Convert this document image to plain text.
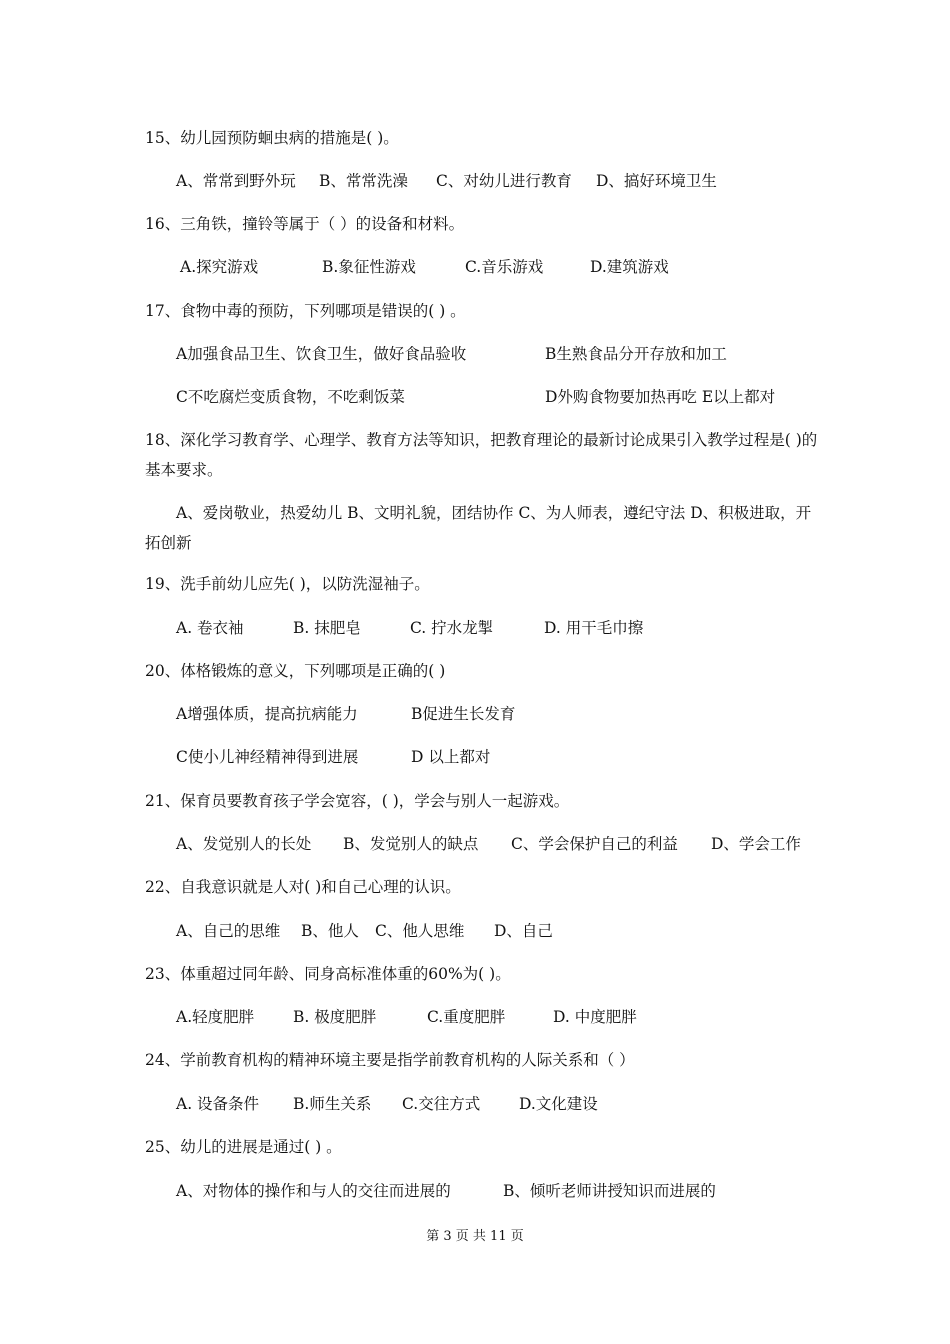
15、幼儿园预防蛔虫病的措施是( )。
A、常常到野外玩	B、常常洗澡	C、对幼儿进行教育	D、搞好环境卫生
16、三角铁，撞铃等属于（ ）的设备和材料。
A.探究游戏	B.象征性游戏	C.音乐游戏	D.建筑游戏
17、食物中毒的预防，下列哪项是错误的( ) 。
A加强食品卫生、饮食卫生，做好食品验收	B生熟食品分开存放和加工
C不吃腐烂变质食物，不吃剩饭菜	D外购食物要加热再吃 E以上都对
18、深化学习教育学、心理学、教育方法等知识，把教育理论的最新讨论成果引入教学过程是( )的基本要求。
A、爱岗敬业，热爱幼儿 B、文明礼貌，团结协作 C、为人师表，遵纪守法 D、积极进取，开拓创新
19、洗手前幼儿应先( )，以防洗湿袖子。
A. 卷衣袖	B. 抹肥皂	C. 拧水龙掣	D. 用干毛巾擦
20、体格锻炼的意义，下列哪项是正确的( )
A增强体质，提高抗病能力	B促进生长发育
C使小儿神经精神得到进展	D 以上都对
21、保育员要教育孩子学会宽容，( )，学会与别人一起游戏。
A、发觉别人的长处	B、发觉别人的缺点	C、学会保护自己的利益	D、学会工作
22、自我意识就是人对( )和自己心理的认识。
A、自己的思维	B、他人	C、他人思维	D、自己
23、体重超过同年龄、同身高标准体重的60%为( )。
A.轻度肥胖	B. 极度肥胖	C.重度肥胖	D. 中度肥胖
24、学前教育机构的精神环境主要是指学前教育机构的人际关系和（ ）
A. 设备条件	B.师生关系	C.交往方式	D.文化建设
25、幼儿的进展是通过( ) 。
A、对物体的操作和与人的交往而进展的	B、倾听老师讲授知识而进展的
第 3 页 共 11 页
